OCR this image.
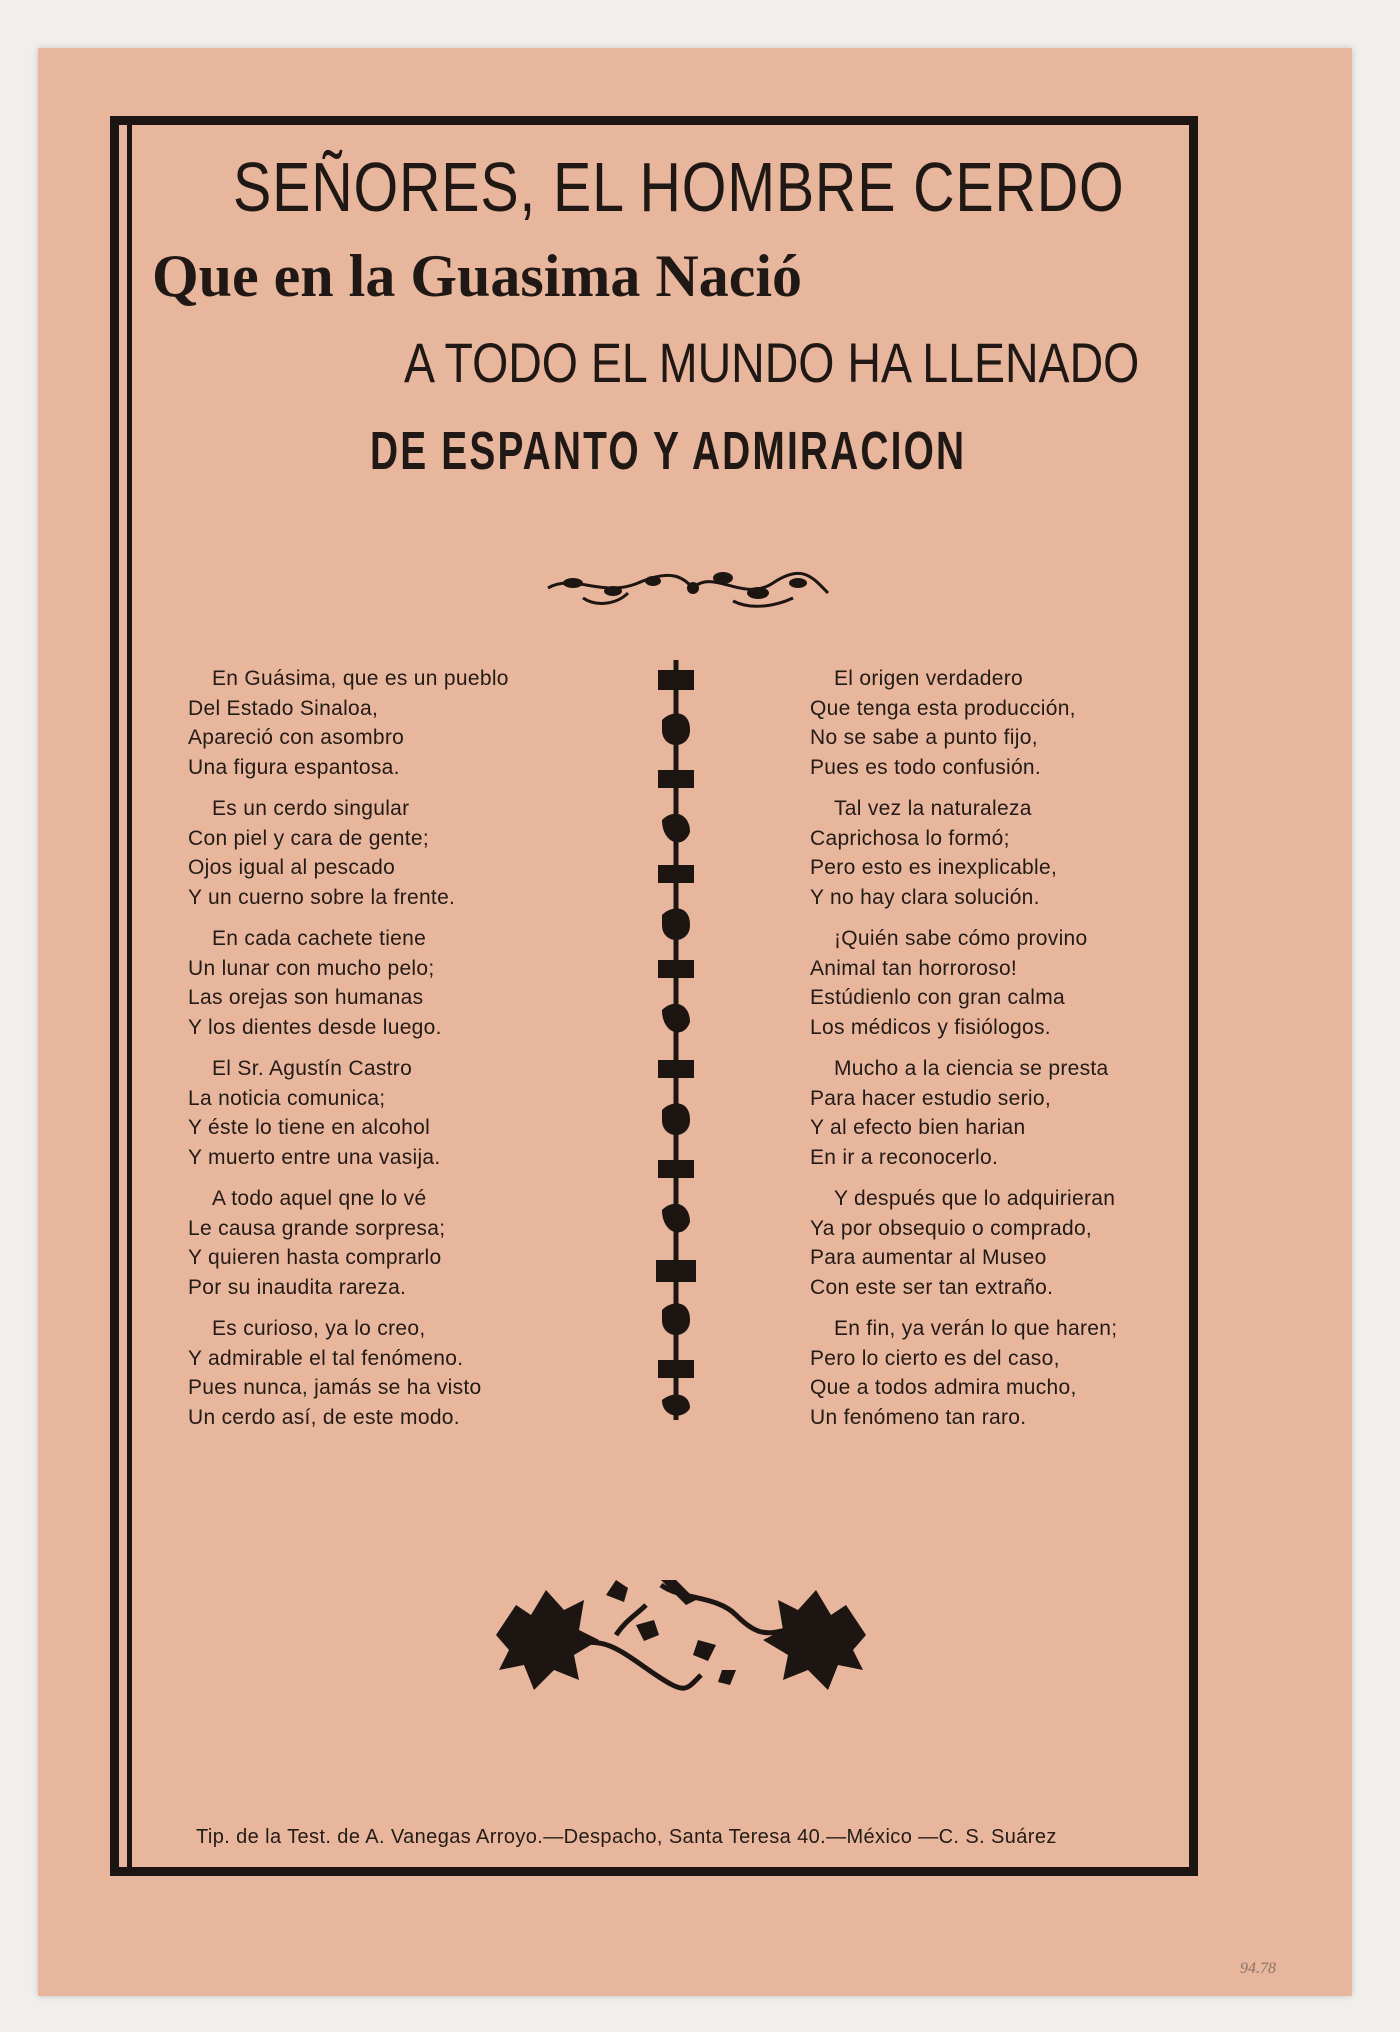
SEÑORES, EL HOMBRE CERDO
Que en la Guasima Nació
A TODO EL MUNDO HA LLENADO
DE ESPANTO Y ADMIRACION
En Guásima, que es un pueblo
Del Estado Sinaloa,
Apareció con asombro
Una figura espantosa.
Es un cerdo singular
Con piel y cara de gente;
Ojos igual al pescado
Y un cuerno sobre la frente.
En cada cachete tiene
Un lunar con mucho pelo;
Las orejas son humanas
Y los dientes desde luego.
El Sr. Agustín Castro
La noticia comunica;
Y éste lo tiene en alcohol
Y muerto entre una vasija.
A todo aquel qne lo vé
Le causa grande sorpresa;
Y quieren hasta comprarlo
Por su inaudita rareza.
Es curioso, ya lo creo,
Y admirable el tal fenómeno.
Pues nunca, jamás se ha visto
Un cerdo así, de este modo.
El origen verdadero
Que tenga esta producción,
No se sabe a punto fijo,
Pues es todo confusión.
Tal vez la naturaleza
Caprichosa lo formó;
Pero esto es inexplicable,
Y no hay clara solución.
¡Quién sabe cómo provino
Animal tan horroroso!
Estúdienlo con gran calma
Los médicos y fisiólogos.
Mucho a la ciencia se presta
Para hacer estudio serio,
Y al efecto bien harian
En ir a reconocerlo.
Y después que lo adquirieran
Ya por obsequio o comprado,
Para aumentar al Museo
Con este ser tan extraño.
En fin, ya verán lo que haren;
Pero lo cierto es del caso,
Que a todos admira mucho,
Un fenómeno tan raro.
Tip. de la Test. de A. Vanegas Arroyo.—Despacho, Santa Teresa 40.—México —C. S. Suárez
94.78
